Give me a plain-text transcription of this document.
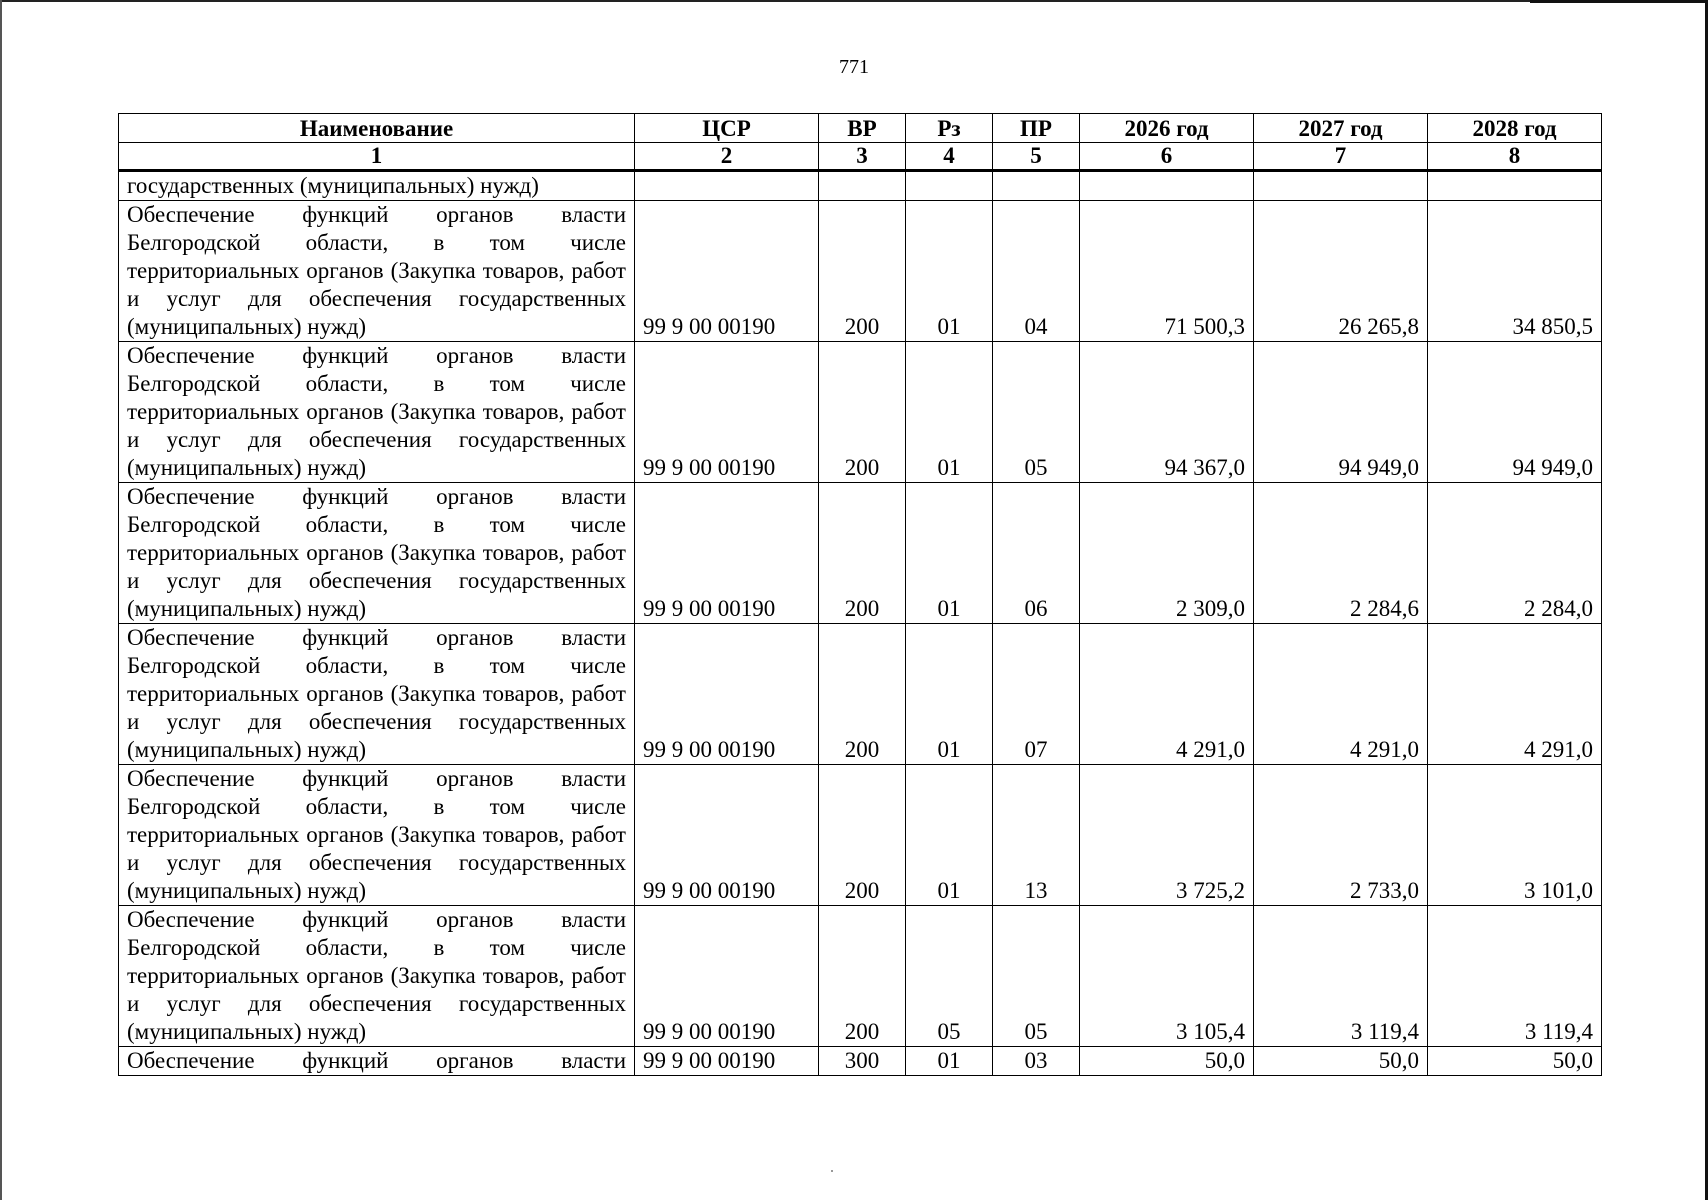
771
Наименование	ЦСР	ВР	Рз	ПР	2026 год	2027 год	2028 год
1	2	3	4	5	6	7	8
государственных (муниципальных) нужд)							
Обеспечение функций органов власти Белгородской области, в том числе территориальных органов (Закупка товаров, работ и услуг для обеспечения государственных (муниципальных) нужд)	99 9 00 00190	200	01	04	71 500,3	26 265,8	34 850,5
Обеспечение функций органов власти Белгородской области, в том числе территориальных органов (Закупка товаров, работ и услуг для обеспечения государственных (муниципальных) нужд)	99 9 00 00190	200	01	05	94 367,0	94 949,0	94 949,0
Обеспечение функций органов власти Белгородской области, в том числе территориальных органов (Закупка товаров, работ и услуг для обеспечения государственных (муниципальных) нужд)	99 9 00 00190	200	01	06	2 309,0	2 284,6	2 284,0
Обеспечение функций органов власти Белгородской области, в том числе территориальных органов (Закупка товаров, работ и услуг для обеспечения государственных (муниципальных) нужд)	99 9 00 00190	200	01	07	4 291,0	4 291,0	4 291,0
Обеспечение функций органов власти Белгородской области, в том числе территориальных органов (Закупка товаров, работ и услуг для обеспечения государственных (муниципальных) нужд)	99 9 00 00190	200	01	13	3 725,2	2 733,0	3 101,0
Обеспечение функций органов власти Белгородской области, в том числе территориальных органов (Закупка товаров, работ и услуг для обеспечения государственных (муниципальных) нужд)	99 9 00 00190	200	05	05	3 105,4	3 119,4	3 119,4
Обеспечение функций органов власти	99 9 00 00190	300	01	03	50,0	50,0	50,0
